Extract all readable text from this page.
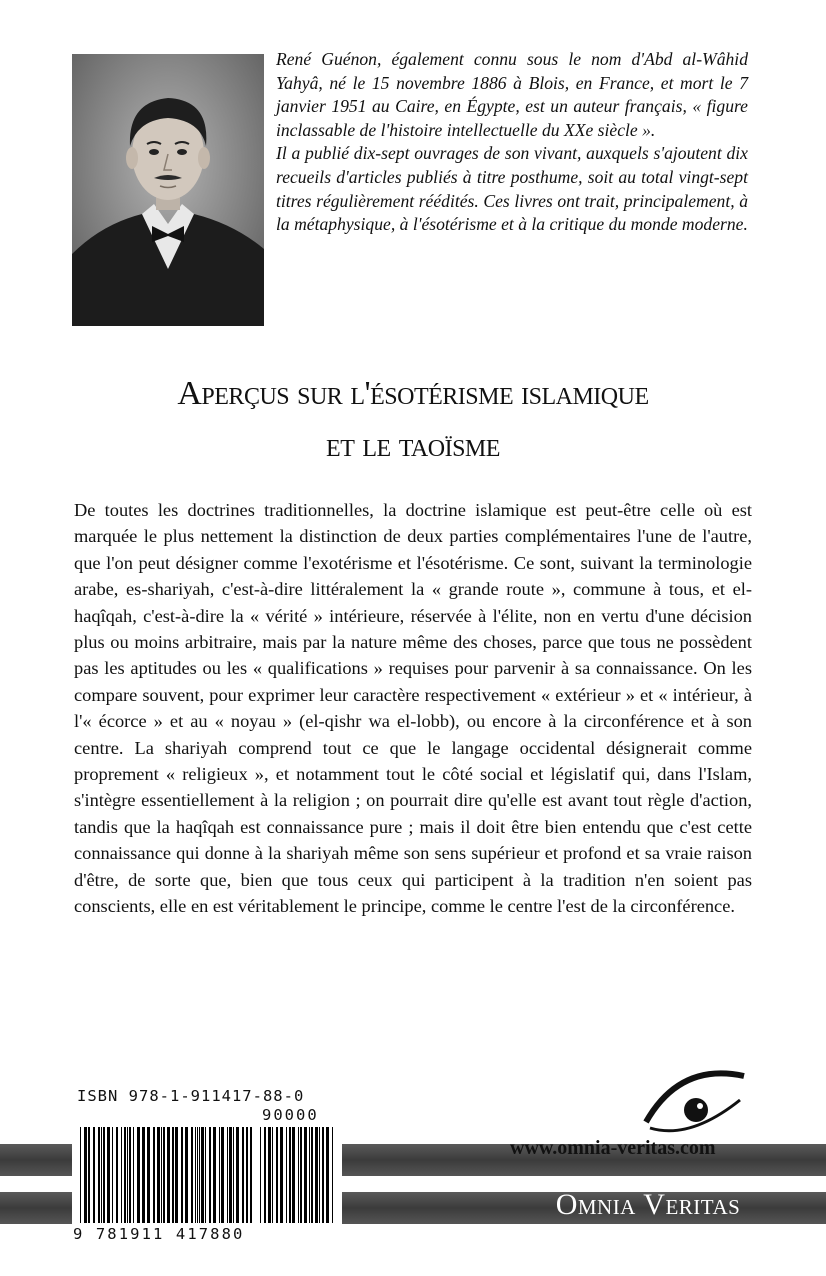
René Guénon, également connu sous le nom d'Abd al-Wâhid Yahyâ, né le 15 novembre 1886 à Blois, en France, et mort le 7 janvier 1951 au Caire, en Égypte, est un auteur français, « figure inclassable de l'histoire intellectuelle du XXe siècle ».

Il a publié dix-sept ouvrages de son vivant, auxquels s'ajoutent dix recueils d'articles publiés à titre posthume, soit au total vingt-sept titres régulièrement réédités. Ces livres ont trait, principalement, à la métaphysique, à l'ésotérisme et à la critique du monde moderne.

Aperçus sur l'ésotérisme islamique
et le taoïsme

De toutes les doctrines traditionnelles, la doctrine islamique est peut-être celle où est marquée le plus nettement la distinction de deux parties complémentaires l'une de l'autre, que l'on peut désigner comme l'exotérisme et l'ésotérisme. Ce sont, suivant la terminologie arabe, es-shariyah, c'est-à-dire littéralement la « grande route », commune à tous, et el-haqîqah, c'est-à-dire la « vérité » intérieure, réservée à l'élite, non en vertu d'une décision plus ou moins arbitraire, mais par la nature même des choses, parce que tous ne possèdent pas les aptitudes ou les « qualifications » requises pour parvenir à sa connaissance. On les compare souvent, pour exprimer leur caractère respectivement « extérieur » et « intérieur, à l'« écorce » et au « noyau » (el-qishr wa el-lobb), ou encore à la circonférence et à son centre. La shariyah comprend tout ce que le langage occidental désignerait comme proprement « religieux », et notamment tout le côté social et législatif qui, dans l'Islam, s'intègre essentiellement à la religion ; on pourrait dire qu'elle est avant tout règle d'action, tandis que la haqîqah est connaissance pure ; mais il doit être bien entendu que c'est cette connaissance qui donne à la shariyah même son sens supérieur et profond et sa vraie raison d'être, de sorte que, bien que tous ceux qui participent à la tradition n'en soient pas conscients, elle en est véritablement le principe, comme le centre l'est de la circonférence.

ISBN 978-1-911417-88-0
90000
9 781911 417880
www.omnia-veritas.com
Omnia Veritas
